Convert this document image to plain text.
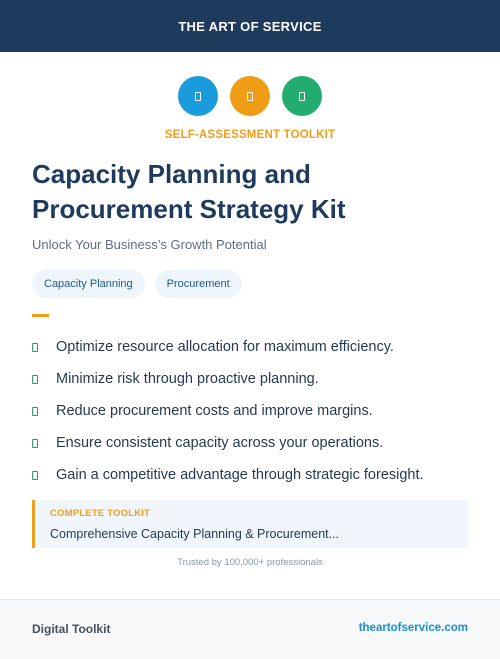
THE ART OF SERVICE
SELF-ASSESSMENT TOOLKIT
Capacity Planning and Procurement Strategy Kit
Unlock Your Business’s Growth Potential
Capacity Planning	Procurement
Optimize resource allocation for maximum efficiency.
Minimize risk through proactive planning.
Reduce procurement costs and improve margins.
Ensure consistent capacity across your operations.
Gain a competitive advantage through strategic foresight.
COMPLETE TOOLKIT
Comprehensive Capacity Planning & Procurement...
Trusted by 100,000+ professionals
Digital Toolkit	theartofservice.com
